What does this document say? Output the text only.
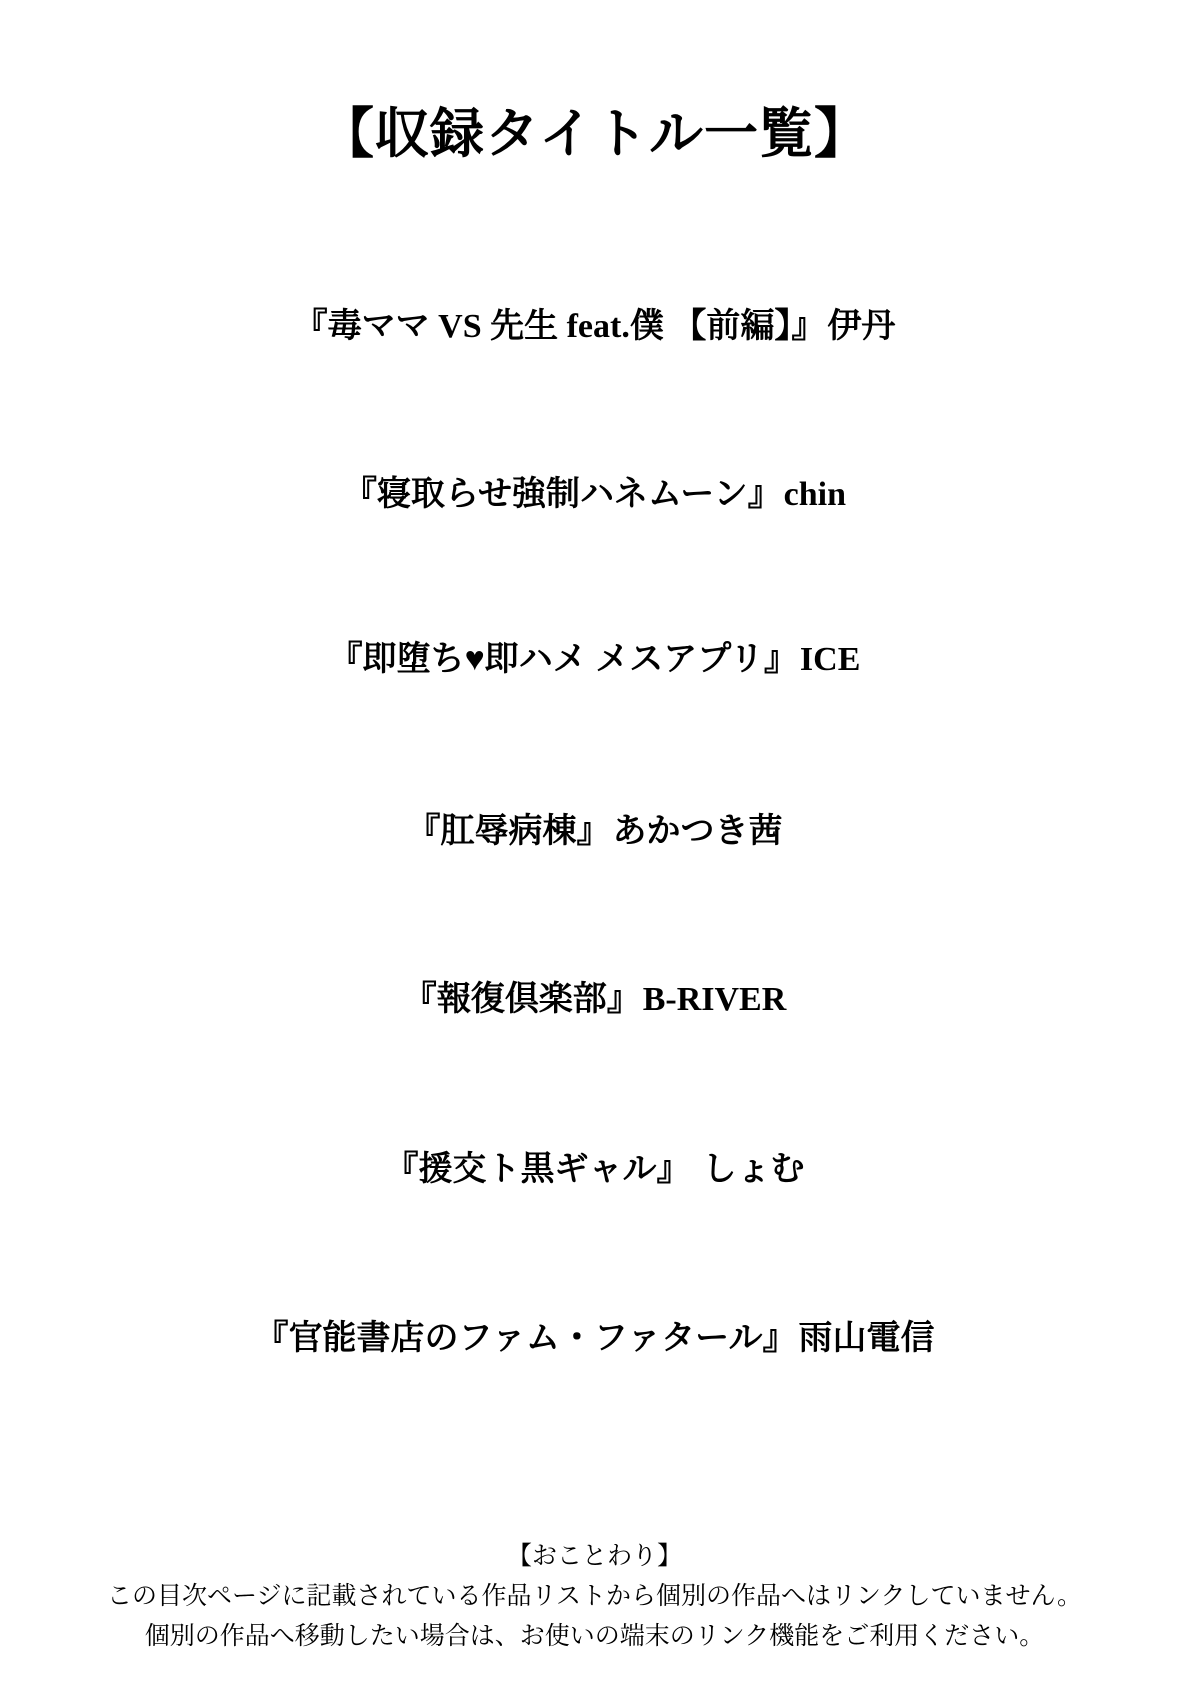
【収録タイトル一覧】
『毒ママ VS 先生 feat.僕 【前編】』伊丹
『寝取らせ強制ハネムーン』chin
『即堕ち♥即ハメ メスアプリ』ICE
『肛辱病棟』あかつき茜
『報復倶楽部』B-RIVER
『援交ト黒ギャル』 しょむ
『官能書店のファム・ファタール』雨山電信
【おことわり】
この目次ページに記載されている作品リストから個別の作品へはリンクしていません。
個別の作品へ移動したい場合は、お使いの端末のリンク機能をご利用ください。
